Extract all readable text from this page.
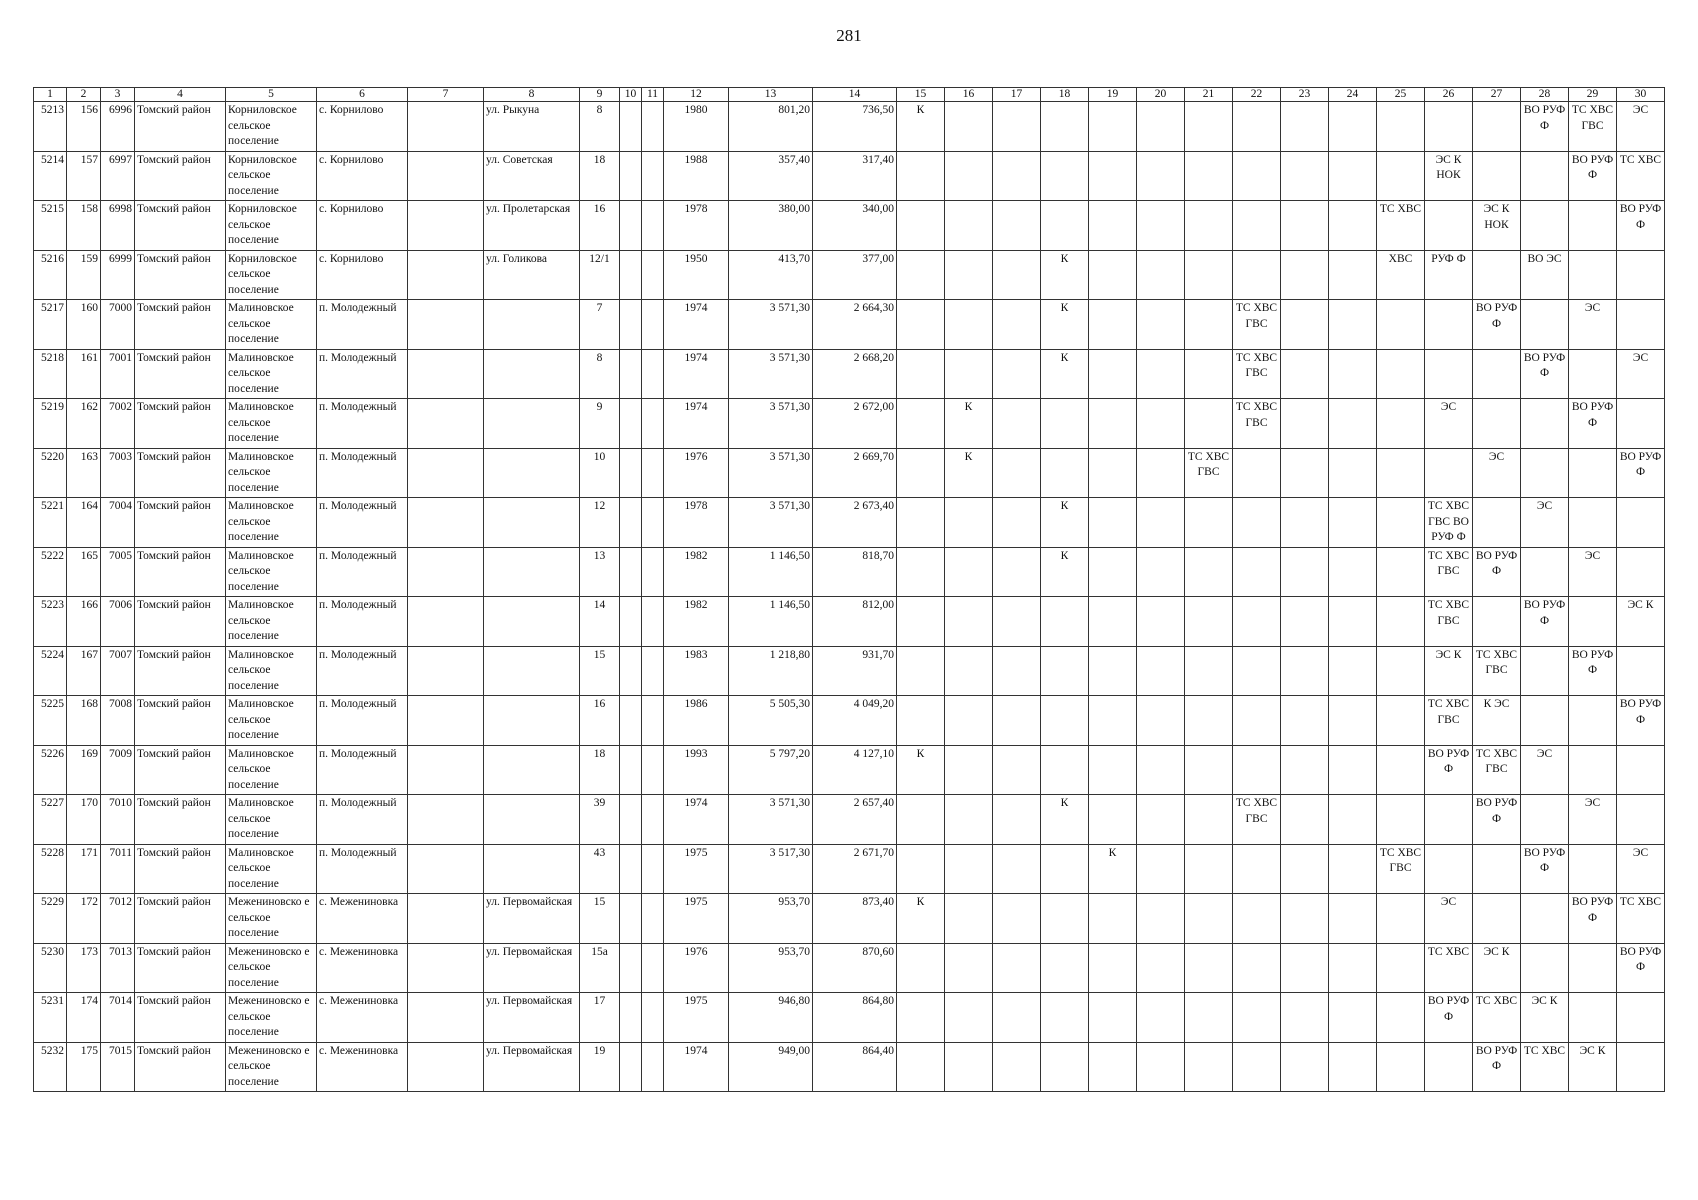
281
1	2	3	4	5	6	7	8	9	10	11	12	13	14	15	16	17	18	19	20	21	22	23	24	25	26	27	28	29	30
5213	156	6996	Томский район	Корниловское сельское поселение	с. Корнилово		ул. Рыкуна	8			1980	801,20	736,50	К													ВО РУФ Ф	ТС ХВС ГВС	ЭС
5214	157	6997	Томский район	Корниловское сельское поселение	с. Корнилово		ул. Советская	18			1988	357,40	317,40												ЭС К НОК			ВО РУФ Ф	ТС ХВС
5215	158	6998	Томский район	Корниловское сельское поселение	с. Корнилово		ул. Пролетарская	16			1978	380,00	340,00											ТС ХВС		ЭС К НОК			ВО РУФ Ф
5216	159	6999	Томский район	Корниловское сельское поселение	с. Корнилово		ул. Голикова	12/1			1950	413,70	377,00				К							ХВС	РУФ Ф		ВО ЭС		
5217	160	7000	Томский район	Малиновское сельское поселение	п. Молодежный			7			1974	3 571,30	2 664,30				К				ТС ХВС ГВС					ВО РУФ Ф		ЭС	
5218	161	7001	Томский район	Малиновское сельское поселение	п. Молодежный			8			1974	3 571,30	2 668,20				К				ТС ХВС ГВС						ВО РУФ Ф		ЭС
5219	162	7002	Томский район	Малиновское сельское поселение	п. Молодежный			9			1974	3 571,30	2 672,00		К						ТС ХВС ГВС				ЭС			ВО РУФ Ф	
5220	163	7003	Томский район	Малиновское сельское поселение	п. Молодежный			10			1976	3 571,30	2 669,70		К					ТС ХВС ГВС						ЭС			ВО РУФ Ф
5221	164	7004	Томский район	Малиновское сельское поселение	п. Молодежный			12			1978	3 571,30	2 673,40				К								ТС ХВС ГВС ВО РУФ Ф		ЭС		
5222	165	7005	Томский район	Малиновское сельское поселение	п. Молодежный			13			1982	1 146,50	818,70				К								ТС ХВС ГВС	ВО РУФ Ф		ЭС	
5223	166	7006	Томский район	Малиновское сельское поселение	п. Молодежный			14			1982	1 146,50	812,00												ТС ХВС ГВС		ВО РУФ Ф		ЭС К
5224	167	7007	Томский район	Малиновское сельское поселение	п. Молодежный			15			1983	1 218,80	931,70												ЭС К	ТС ХВС ГВС		ВО РУФ Ф	
5225	168	7008	Томский район	Малиновское сельское поселение	п. Молодежный			16			1986	5 505,30	4 049,20												ТС ХВС ГВС	К ЭС			ВО РУФ Ф
5226	169	7009	Томский район	Малиновское сельское поселение	п. Молодежный			18			1993	5 797,20	4 127,10	К											ВО РУФ Ф	ТС ХВС ГВС	ЭС		
5227	170	7010	Томский район	Малиновское сельское поселение	п. Молодежный			39			1974	3 571,30	2 657,40				К				ТС ХВС ГВС					ВО РУФ Ф		ЭС	
5228	171	7011	Томский район	Малиновское сельское поселение	п. Молодежный			43			1975	3 517,30	2 671,70					К						ТС ХВС ГВС			ВО РУФ Ф		ЭС
5229	172	7012	Томский район	Межениновско е сельское поселение	с. Межениновка		ул. Первомайская	15			1975	953,70	873,40	К											ЭС			ВО РУФ Ф	ТС ХВС
5230	173	7013	Томский район	Межениновско е сельское поселение	с. Межениновка		ул. Первомайская	15а			1976	953,70	870,60												ТС ХВС	ЭС К			ВО РУФ Ф
5231	174	7014	Томский район	Межениновско е сельское поселение	с. Межениновка		ул. Первомайская	17			1975	946,80	864,80												ВО РУФ Ф	ТС ХВС	ЭС К		
5232	175	7015	Томский район	Межениновско е сельское поселение	с. Межениновка		ул. Первомайская	19			1974	949,00	864,40													ВО РУФ Ф	ТС ХВС	ЭС К	
